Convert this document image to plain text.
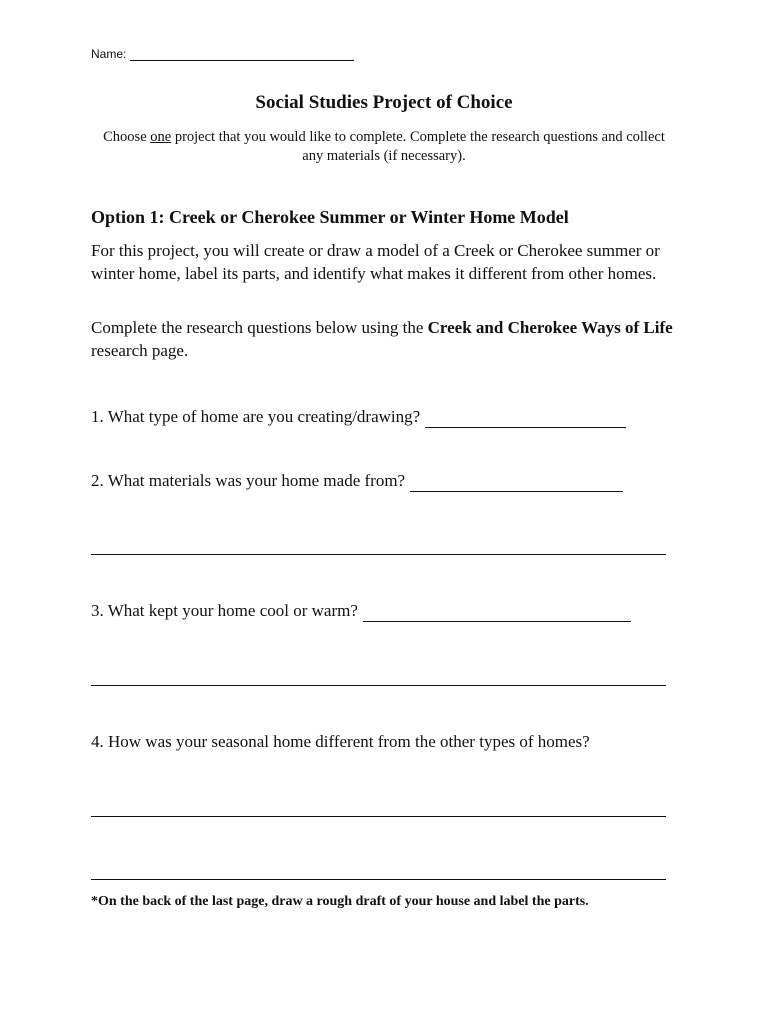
Name:
Social Studies Project of Choice
Choose one project that you would like to complete. Complete the research questions and collect any materials (if necessary).
Option 1: Creek or Cherokee Summer or Winter Home Model
For this project, you will create or draw a model of a Creek or Cherokee summer or winter home, label its parts, and identify what makes it different from other homes.
Complete the research questions below using the Creek and Cherokee Ways of Life research page.
1. What type of home are you creating/drawing?
2. What materials was your home made from?
3. What kept your home cool or warm?
4. How was your seasonal home different from the other types of homes?
*On the back of the last page, draw a rough draft of your house and label the parts.
